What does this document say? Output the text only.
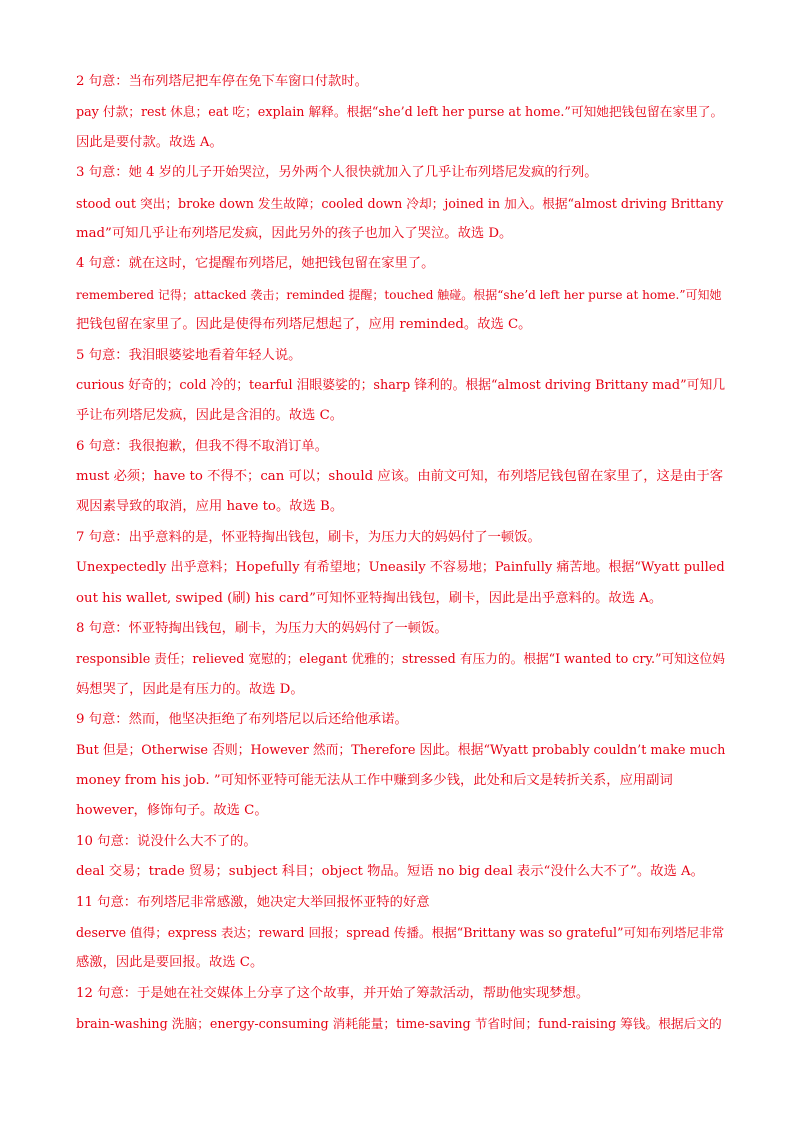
2 句意：当布列塔尼把车停在免下车窗口付款时。
pay 付款；rest 休息；eat 吃；explain 解释。根据“she’d left her purse at home.”可知她把钱包留在家里了。
因此是要付款。故选 A。
3 句意：她 4 岁的儿子开始哭泣，另外两个人很快就加入了几乎让布列塔尼发疯的行列。
stood out 突出；broke down 发生故障；cooled down 冷却；joined in 加入。根据“almost driving Brittany
mad”可知几乎让布列塔尼发疯，因此另外的孩子也加入了哭泣。故选 D。
4 句意：就在这时，它提醒布列塔尼，她把钱包留在家里了。
remembered 记得；attacked 袭击；reminded 提醒；touched 触碰。根据“she’d left her purse at home.”可知她
把钱包留在家里了。因此是使得布列塔尼想起了，应用 reminded。故选 C。
5 句意：我泪眼婆娑地看着年轻人说。
curious 好奇的；cold 冷的；tearful 泪眼婆娑的；sharp 锋利的。根据“almost driving Brittany mad”可知几
乎让布列塔尼发疯，因此是含泪的。故选 C。
6 句意：我很抱歉，但我不得不取消订单。
must 必须；have to 不得不；can 可以；should 应该。由前文可知，布列塔尼钱包留在家里了，这是由于客
观因素导致的取消，应用 have to。故选 B。
7 句意：出乎意料的是，怀亚特掏出钱包，刷卡，为压力大的妈妈付了一顿饭。
Unexpectedly 出乎意料；Hopefully 有希望地；Uneasily 不容易地；Painfully 痛苦地。根据“Wyatt pulled
out his wallet, swiped (刷) his card”可知怀亚特掏出钱包，刷卡，因此是出乎意料的。故选 A。
8 句意：怀亚特掏出钱包，刷卡，为压力大的妈妈付了一顿饭。
responsible 责任；relieved 宽慰的；elegant 优雅的；stressed 有压力的。根据“I wanted to cry.”可知这位妈
妈想哭了，因此是有压力的。故选 D。
9 句意：然而，他坚决拒绝了布列塔尼以后还给他承诺。
But 但是；Otherwise 否则；However 然而；Therefore 因此。根据“Wyatt probably couldn’t make much
money from his job. ”可知怀亚特可能无法从工作中赚到多少钱，此处和后文是转折关系，应用副词
however，修饰句子。故选 C。
10 句意：说没什么大不了的。
deal 交易；trade 贸易；subject 科目；object 物品。短语 no big deal 表示“没什么大不了”。故选 A。
11 句意：布列塔尼非常感激，她决定大举回报怀亚特的好意
deserve 值得；express 表达；reward 回报；spread 传播。根据“Brittany was so grateful”可知布列塔尼非常
感激，因此是要回报。故选 C。
12 句意：于是她在社交媒体上分享了这个故事，并开始了筹款活动，帮助他实现梦想。
brain-washing 洗脑；energy-consuming 消耗能量；time-saving 节省时间；fund-raising 筹钱。根据后文的
